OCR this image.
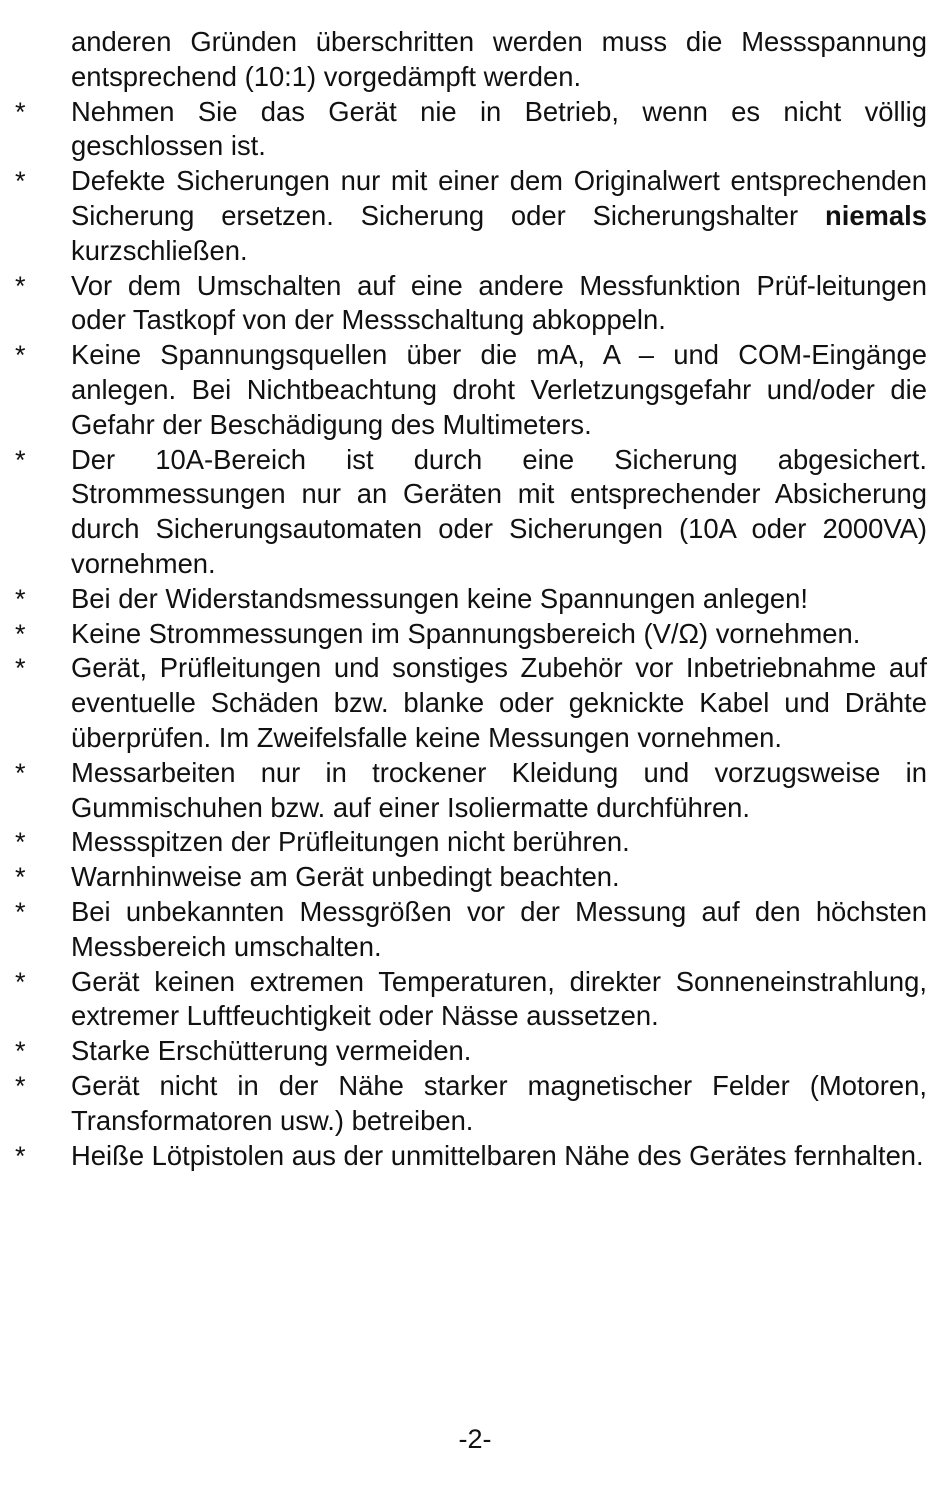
anderen Gründen überschritten werden muss die Messspannung entsprechend (10:1) vorgedämpft werden.
*	Nehmen Sie das Gerät nie in Betrieb, wenn es nicht völlig geschlossen ist.
*	Defekte Sicherungen nur mit einer dem Originalwert entsprechenden Sicherung ersetzen. Sicherung oder Sicherungshalter niemals kurzschließen.
*	Vor dem Umschalten auf eine andere Messfunktion Prüf-leitungen oder Tastkopf von der Messschaltung abkoppeln.
*	Keine Spannungsquellen über die mA, A – und COM-Eingänge anlegen. Bei Nichtbeachtung droht Verletzungsgefahr und/oder die Gefahr der Beschädigung des Multimeters.
*	Der 10A-Bereich ist durch eine Sicherung abgesichert. Strommessungen nur an Geräten mit entsprechender Absicherung durch Sicherungsautomaten oder Sicherungen (10A oder 2000VA) vornehmen.
*	Bei der Widerstandsmessungen keine Spannungen anlegen!
*	Keine Strommessungen im Spannungsbereich (V/Ω) vornehmen.
*	Gerät, Prüfleitungen und sonstiges Zubehör vor Inbetriebnahme auf eventuelle Schäden bzw. blanke oder geknickte Kabel und Drähte überprüfen. Im Zweifelsfalle keine Messungen vornehmen.
*	Messarbeiten nur in trockener Kleidung und vorzugsweise in Gummischuhen bzw. auf einer Isoliermatte durchführen.
*	Messspitzen der Prüfleitungen nicht berühren.
*	Warnhinweise am Gerät unbedingt beachten.
*	Bei unbekannten Messgrößen vor der Messung auf den höchsten Messbereich umschalten.
*	Gerät keinen extremen Temperaturen, direkter Sonneneinstrahlung, extremer Luftfeuchtigkeit oder Nässe aussetzen.
*	Starke Erschütterung vermeiden.
*	Gerät nicht in der Nähe starker magnetischer Felder (Motoren, Transformatoren usw.) betreiben.
*	Heiße Lötpistolen aus der unmittelbaren Nähe des Gerätes fernhalten.
-2-
